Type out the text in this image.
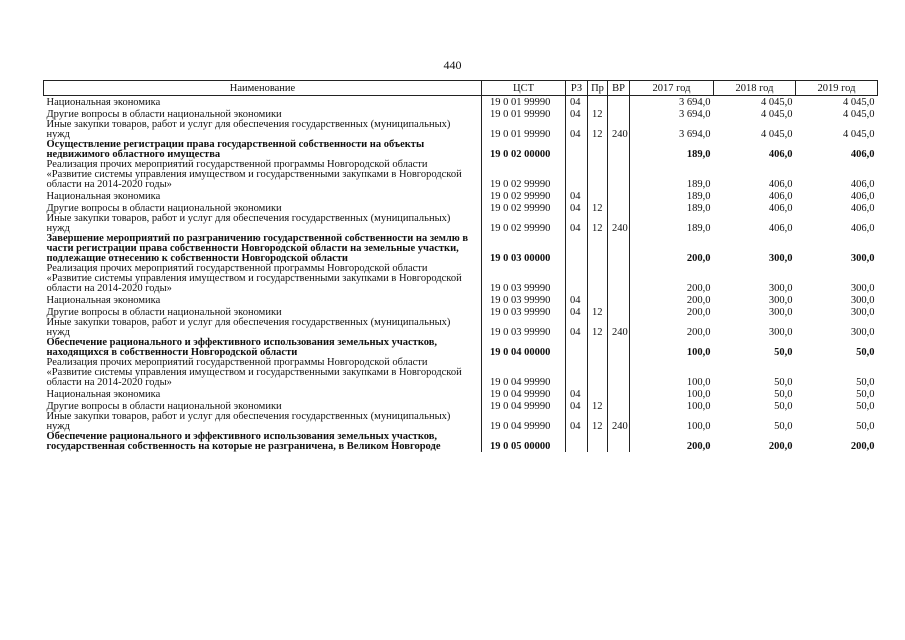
440
Наименование	ЦСТ	РЗ	Пр	ВР	2017 год	2018 год	2019 год
Национальная экономика	19 0 01 99990	04			3 694,0	4 045,0	4 045,0
Другие вопросы в области национальной экономики	19 0 01 99990	04	12		3 694,0	4 045,0	4 045,0
Иные закупки товаров, работ и услуг для обеспечения государственных (муниципальных) нужд	19 0 01 99990	04	12	240	3 694,0	4 045,0	4 045,0
Осуществление регистрации права государственной собственности на объекты недвижимого областного имущества	19 0 02 00000				189,0	406,0	406,0
Реализация прочих мероприятий государственной программы Новгородской области «Развитие системы управления имуществом и государственными закупками в Новгородской области на 2014-2020 годы»	19 0 02 99990				189,0	406,0	406,0
Национальная экономика	19 0 02 99990	04			189,0	406,0	406,0
Другие вопросы в области национальной экономики	19 0 02 99990	04	12		189,0	406,0	406,0
Иные закупки товаров, работ и услуг для обеспечения государственных (муниципальных) нужд	19 0 02 99990	04	12	240	189,0	406,0	406,0
Завершение мероприятий по разграничению государственной собственности на землю в части регистрации права собственности Новгородской области на земельные участки, подлежащие отнесению к собственности Новгородской области	19 0 03 00000				200,0	300,0	300,0
Реализация прочих мероприятий государственной программы Новгородской области «Развитие системы управления имуществом и государственными закупками в Новгородской области на 2014-2020 годы»	19 0 03 99990				200,0	300,0	300,0
Национальная экономика	19 0 03 99990	04			200,0	300,0	300,0
Другие вопросы в области национальной экономики	19 0 03 99990	04	12		200,0	300,0	300,0
Иные закупки товаров, работ и услуг для обеспечения государственных (муниципальных) нужд	19 0 03 99990	04	12	240	200,0	300,0	300,0
Обеспечение рационального и эффективного использования земельных участков, находящихся в собственности Новгородской области	19 0 04 00000				100,0	50,0	50,0
Реализация прочих мероприятий государственной программы Новгородской области «Развитие системы управления имуществом и государственными закупками в Новгородской области на 2014-2020 годы»	19 0 04 99990				100,0	50,0	50,0
Национальная экономика	19 0 04 99990	04			100,0	50,0	50,0
Другие вопросы в области национальной экономики	19 0 04 99990	04	12		100,0	50,0	50,0
Иные закупки товаров, работ и услуг для обеспечения государственных (муниципальных) нужд	19 0 04 99990	04	12	240	100,0	50,0	50,0
Обеспечение рационального и эффективного использования земельных участков, государственная собственность на которые не разграничена, в Великом Новгороде	19 0 05 00000				200,0	200,0	200,0
